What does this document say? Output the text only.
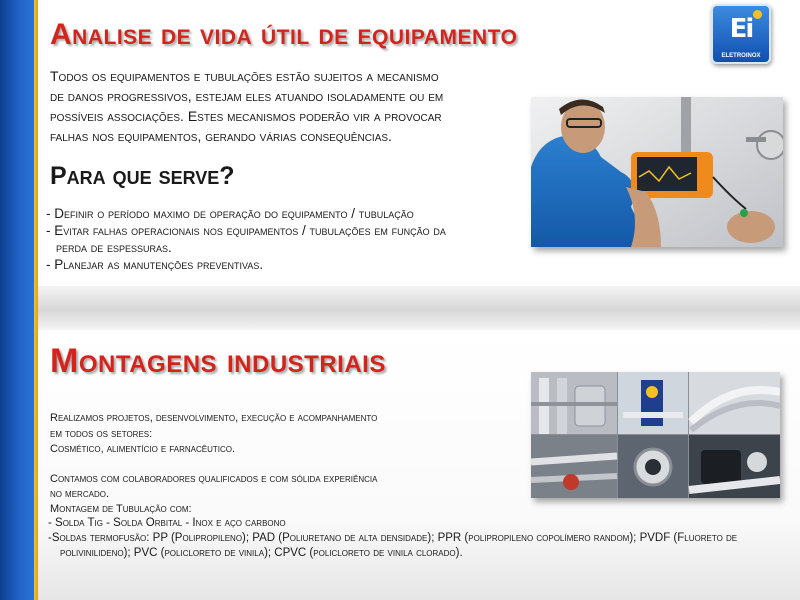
Analise de vida útil de equipamento
Todos os equipamentos e tubulações estão sujeitos a mecanismo
de danos progressivos, estejam eles atuando isoladamente ou em
possíveis associações. Estes mecanismos poderão vir a provocar
falhas nos equipamentos, gerando várias consequências.
Para que serve?
- Definir o período maximo de operação do equipamento / tubulação
- Evitar falhas operacionais nos equipamentos / tubulações em função da perda de espessuras.
- Planejar as manutenções preventivas.
Ei
ELETROINOX
Montagens industriais
Realizamos projetos, desenvolvimento, execução e acompanhamento
em todos os setores:
Cosmético, alimentício e farnacêutico.
Contamos com colaboradores qualificados e com sólida experiência
no mercado.
Montagem de Tubulação com:
- Solda Tig - Solda Orbital - Inox e aço carbono
-Soldas termofusão: PP (Polipropileno); PAD (Poliuretano de alta densidade); PPR (polipropileno copolímero random); PVDF (Fluoreto de polivinilideno); PVC (policloreto de vinila); CPVC (policloreto de vinila clorado).
